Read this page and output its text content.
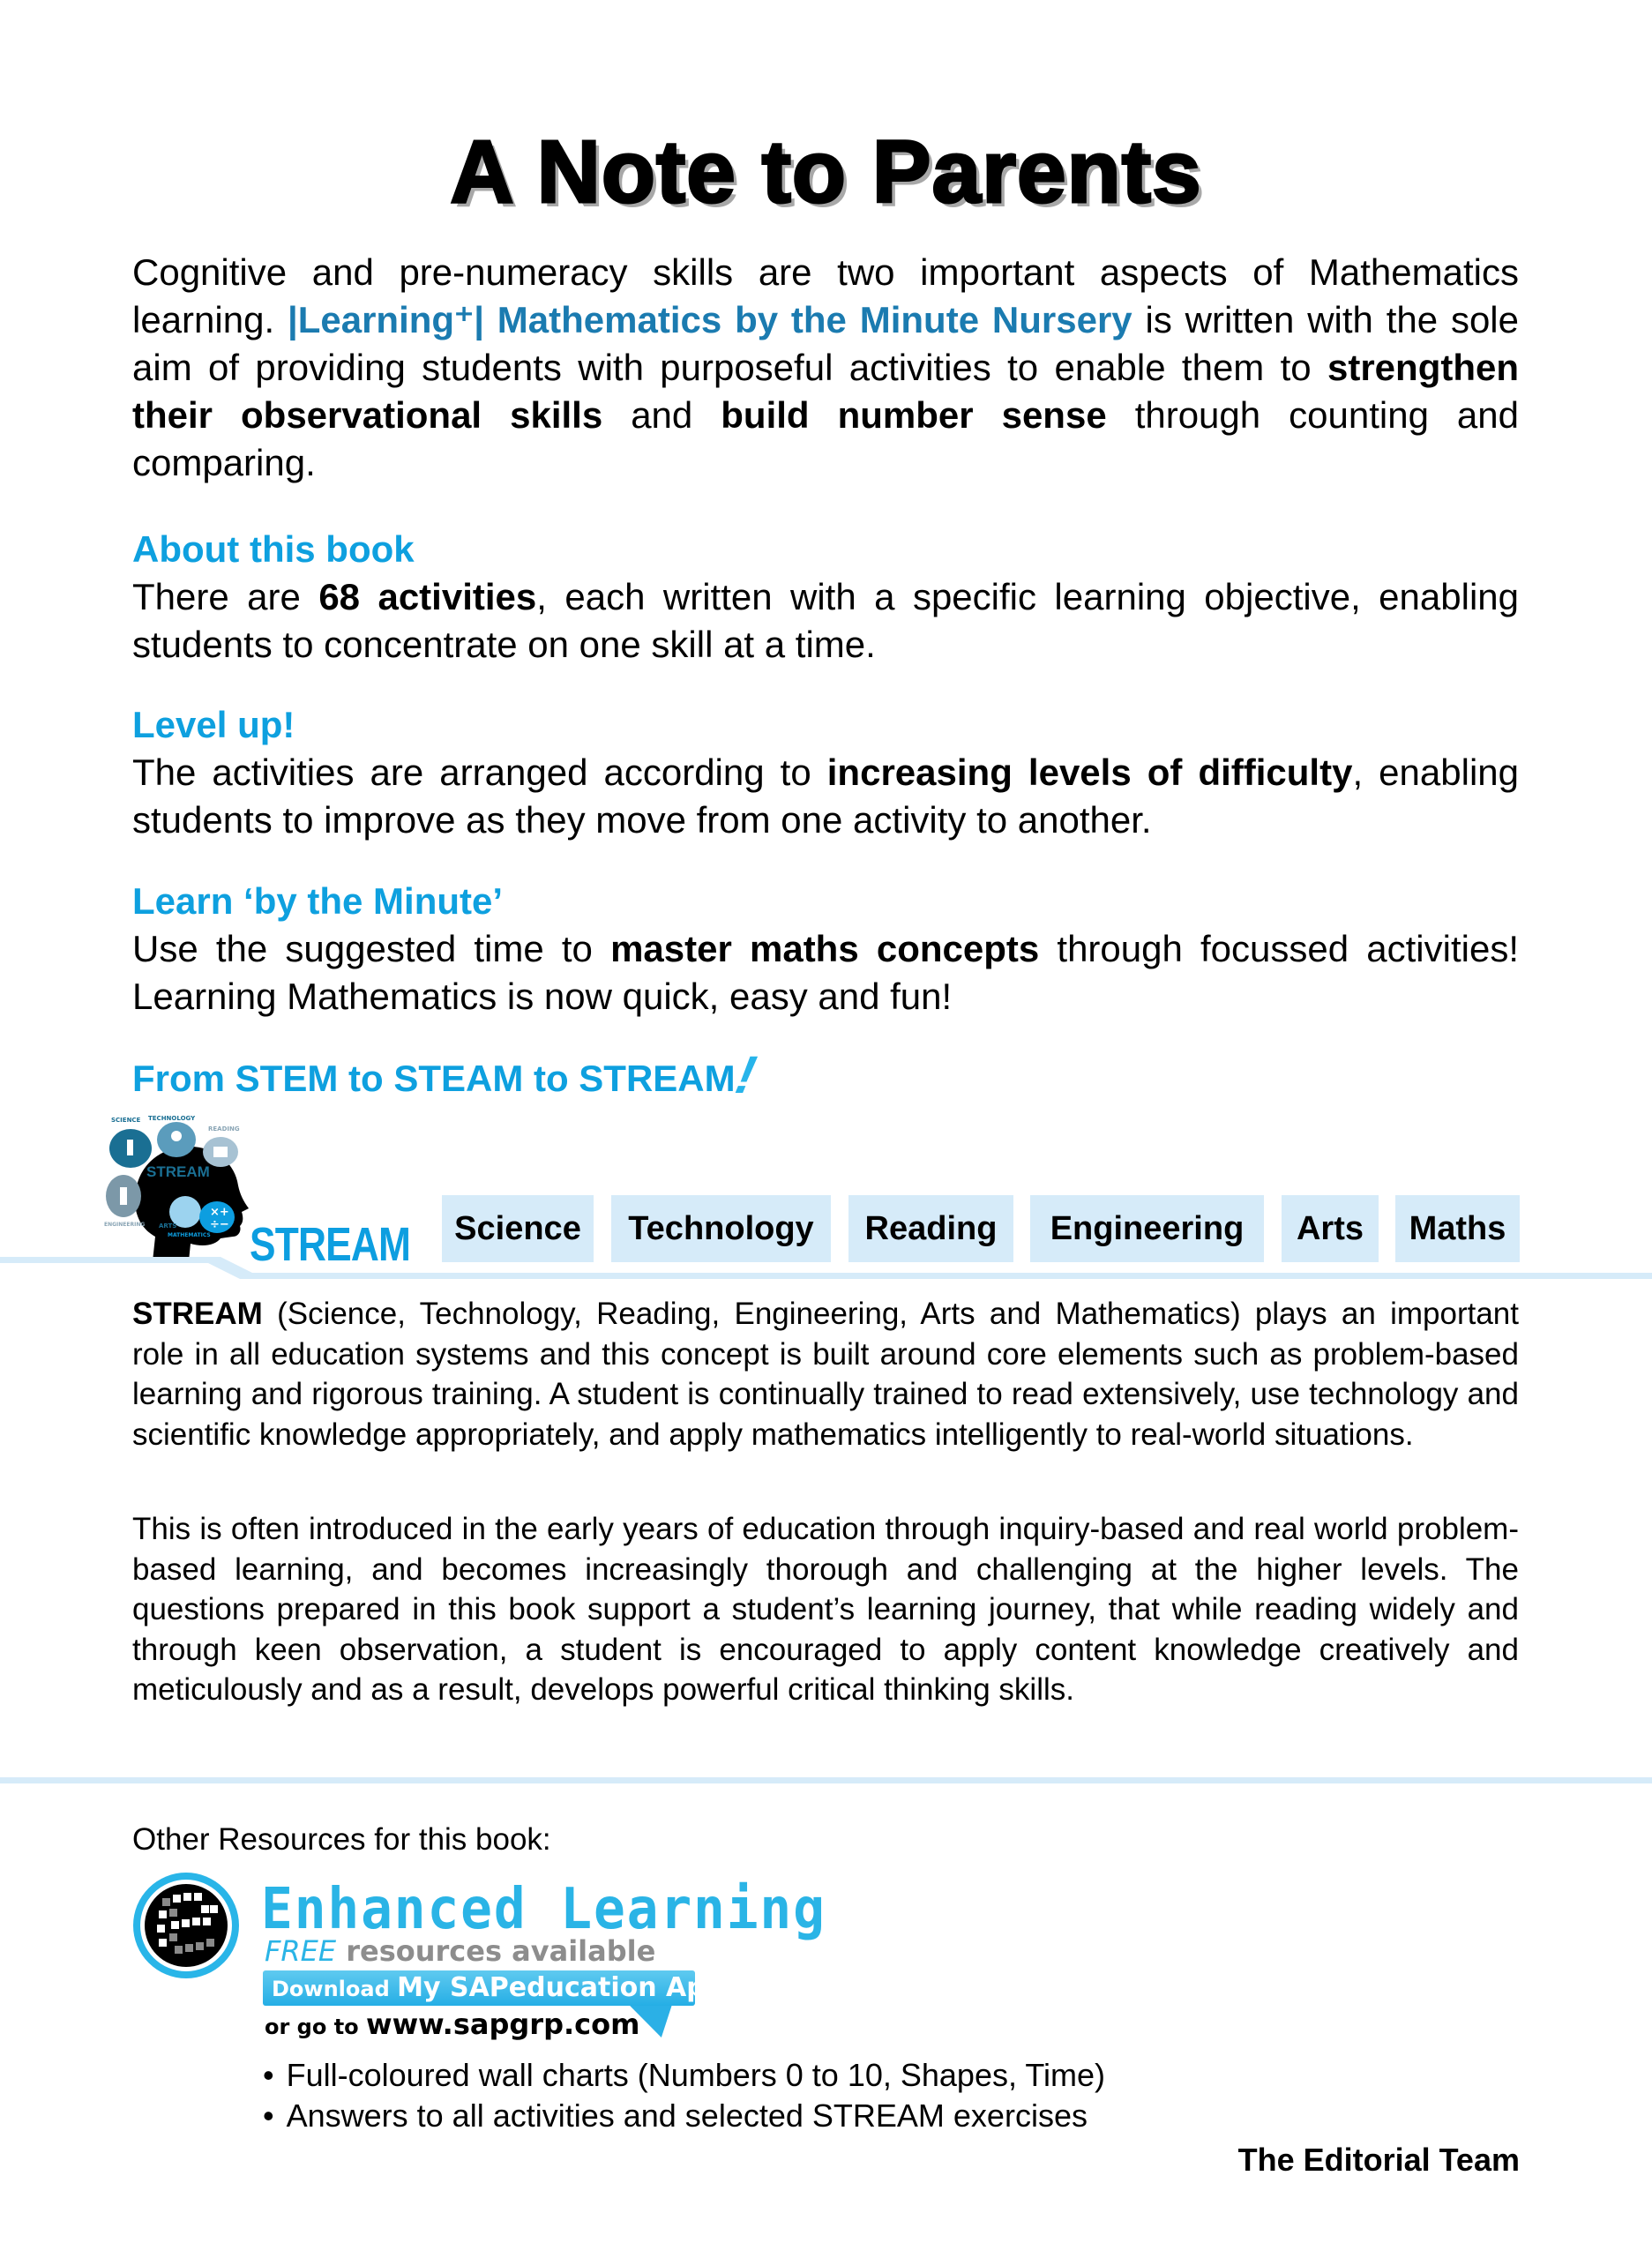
A Note to Parents

Cognitive and pre-numeracy skills are two important aspects of Mathematics learning. |Learning⁺| Mathematics by the Minute Nursery is written with the sole aim of providing students with purposeful activities to enable them to strengthen their observational skills and build number sense through counting and comparing.

About this book

There are 68 activities, each written with a specific learning objective, enabling students to concentrate on one skill at a time.

Level up!

The activities are arranged according to increasing levels of difficulty, enabling students to improve as they move from one activity to another.

Learn ‘by the Minute’

Use the suggested time to master maths concepts through focussed activities! Learning Mathematics is now quick, easy and fun!

From STEM to STEAM to STREAM!
×+
÷−
SCIENCE TECHNOLOGY
READING
STREAM
ENGINEERING ARTS
MATHEMATICS STREAM	Science	Technology	Reading	Engineering	Arts	Maths

STREAM (Science, Technology, Reading, Engineering, Arts and Mathematics) plays an important role in all education systems and this concept is built around core elements such as problem-based learning and rigorous training. A student is continually trained to read extensively, use technology and scientific knowledge appropriately, and apply mathematics intelligently to real-world situations.

This is often introduced in the early years of education through inquiry-based and real world problem-based learning, and becomes increasingly thorough and challenging at the higher levels. The questions prepared in this book support a student’s learning journey, that while reading widely and through keen observation, a student is encouraged to apply content knowledge creatively and meticulously and as a result, develops powerful critical thinking skills.

Other Resources for this book:
Enhanced Learning
FREE resources available
Download My SAPeducation App Now!
or go to www.sapgrp.com
• Full-coloured wall charts (Numbers 0 to 10, Shapes, Time)
• Answers to all activities and selected STREAM exercises
The Editorial Team
